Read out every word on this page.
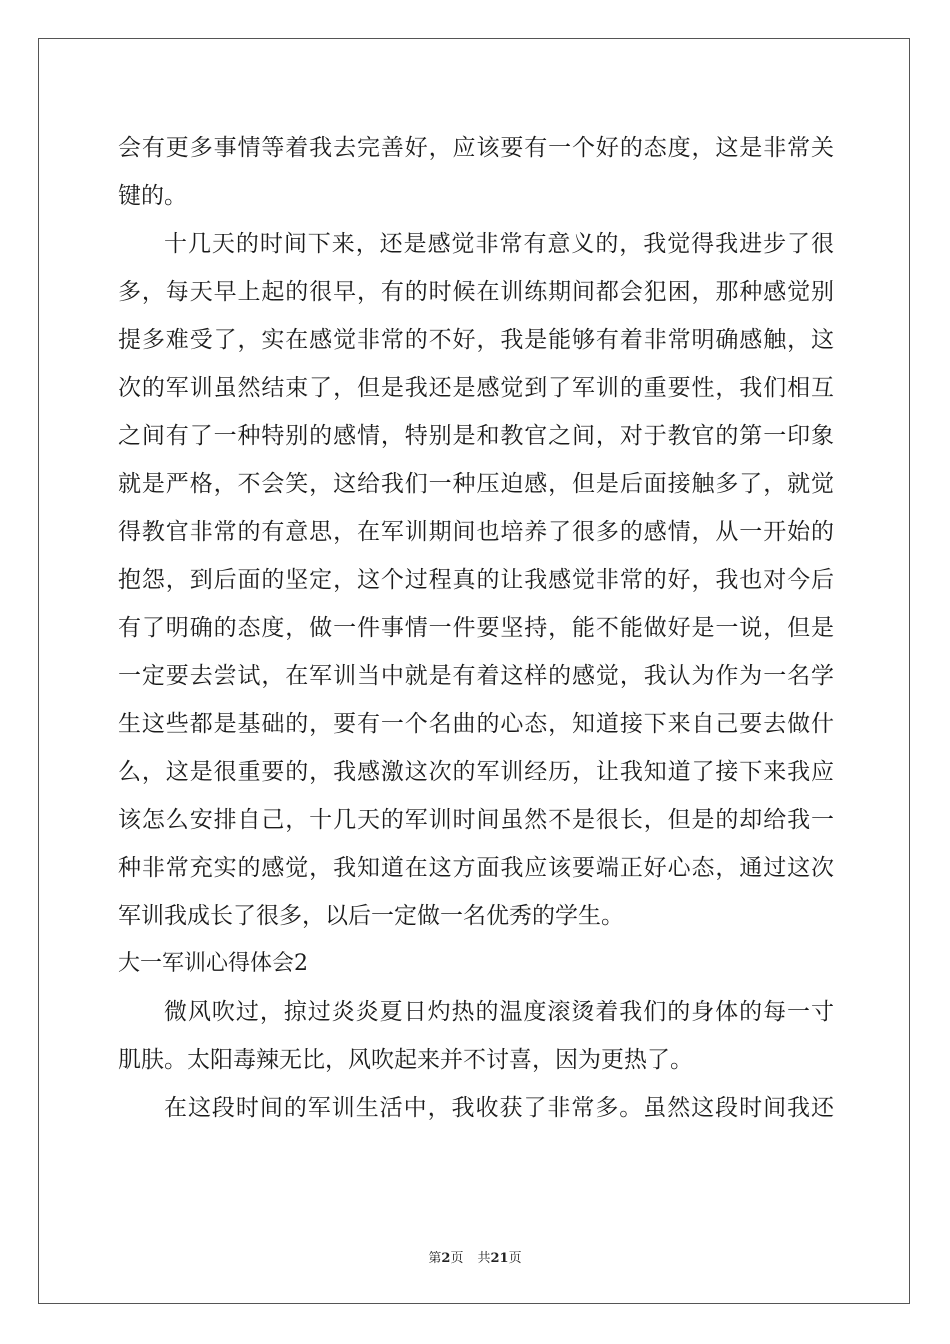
会有更多事情等着我去完善好，应该要有一个好的态度，这是非常关
键的。
十几天的时间下来，还是感觉非常有意义的，我觉得我进步了很
多，每天早上起的很早，有的时候在训练期间都会犯困，那种感觉别
提多难受了，实在感觉非常的不好，我是能够有着非常明确感触，这
次的军训虽然结束了，但是我还是感觉到了军训的重要性，我们相互
之间有了一种特别的感情，特别是和教官之间，对于教官的第一印象
就是严格，不会笑，这给我们一种压迫感，但是后面接触多了，就觉
得教官非常的有意思，在军训期间也培养了很多的感情，从一开始的
抱怨，到后面的坚定，这个过程真的让我感觉非常的好，我也对今后
有了明确的态度，做一件事情一件要坚持，能不能做好是一说，但是
一定要去尝试，在军训当中就是有着这样的感觉，我认为作为一名学
生这些都是基础的，要有一个名曲的心态，知道接下来自己要去做什
么，这是很重要的，我感激这次的军训经历，让我知道了接下来我应
该怎么安排自己，十几天的军训时间虽然不是很长，但是的却给我一
种非常充实的感觉，我知道在这方面我应该要端正好心态，通过这次
军训我成长了很多，以后一定做一名优秀的学生。
大一军训心得体会2
微风吹过，掠过炎炎夏日灼热的温度滚烫着我们的身体的每一寸
肌肤。太阳毒辣无比，风吹起来并不讨喜，因为更热了。
在这段时间的军训生活中，我收获了非常多。虽然这段时间我还
第2页 共21页
